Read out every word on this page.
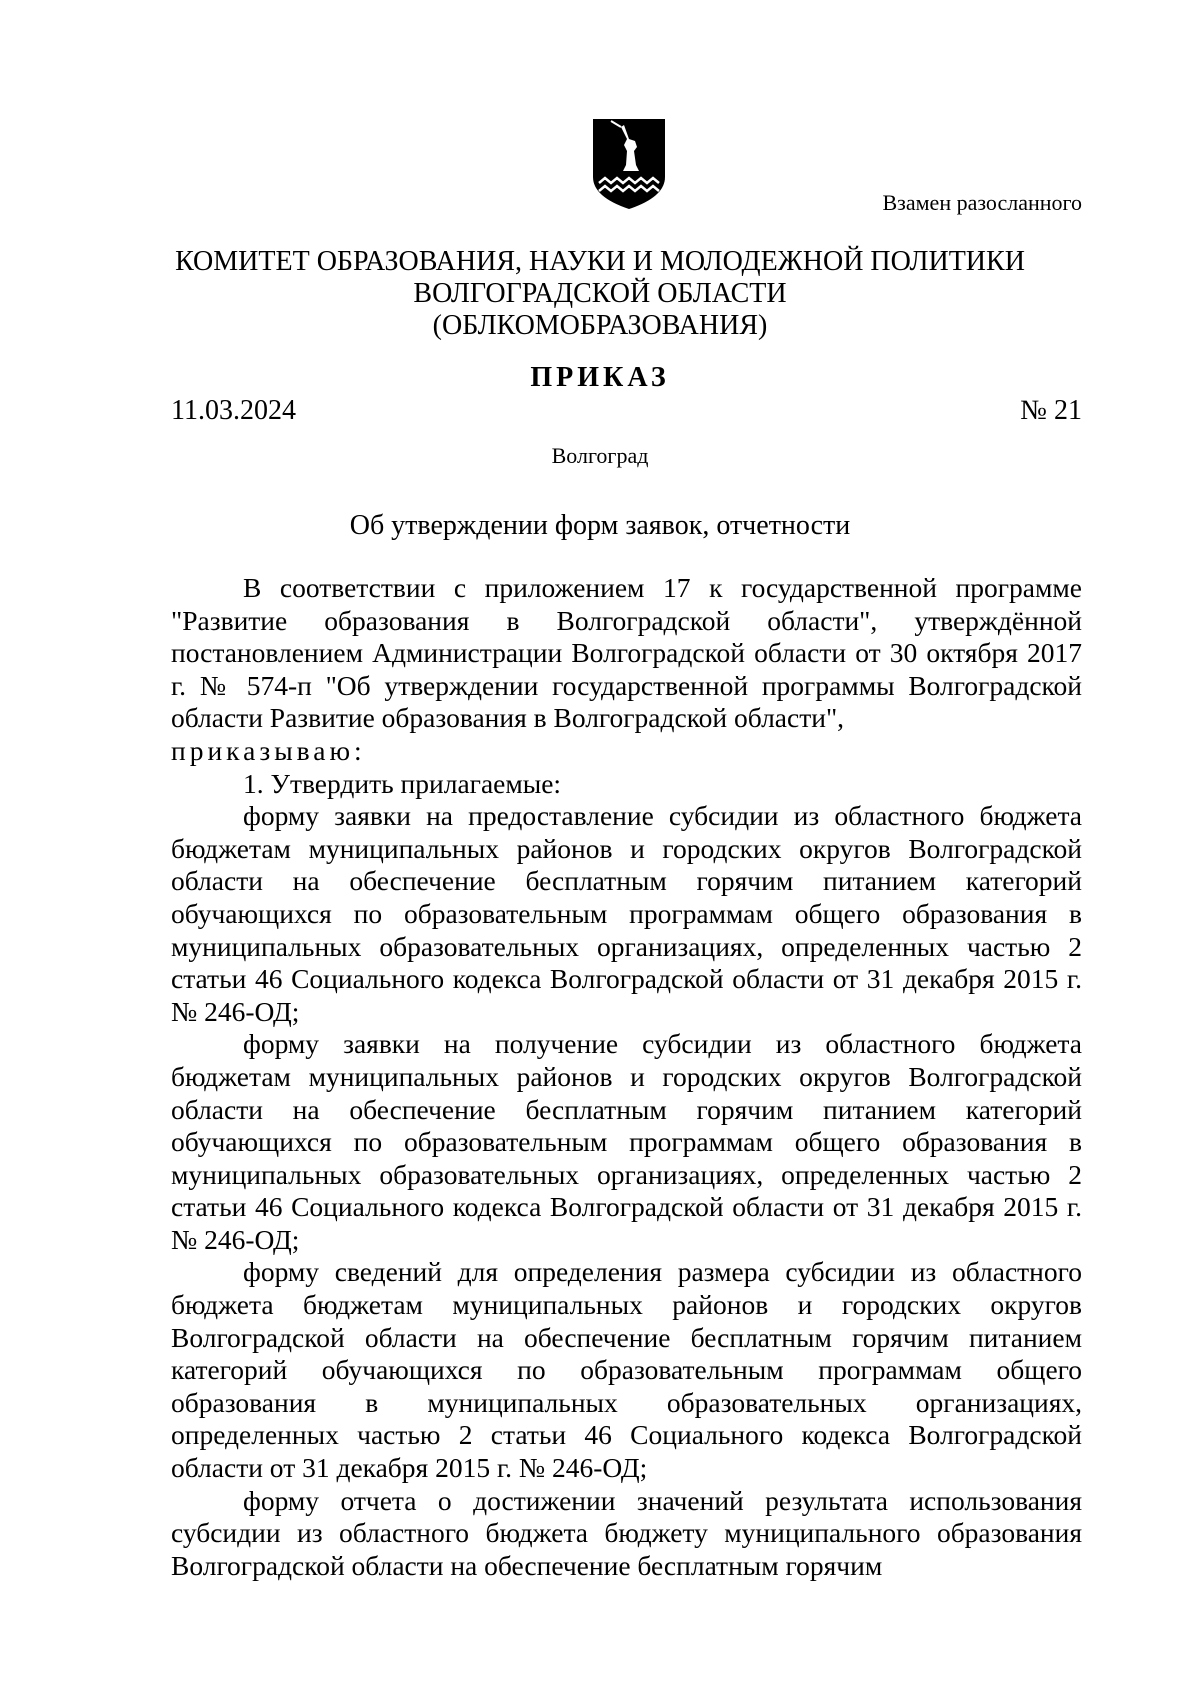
Взамен разосланного
КОМИТЕТ ОБРАЗОВАНИЯ, НАУКИ И МОЛОДЕЖНОЙ ПОЛИТИКИ
ВОЛГОГРАДСКОЙ ОБЛАСТИ
(ОБЛКОМОБРАЗОВАНИЯ)
ПРИКАЗ
11.03.2024	№ 21
Волгоград
Об утверждении форм заявок, отчетности

В соответствии с приложением 17 к государственной программе "Развитие образования в Волгоградской области", утверждённой постановлением Администрации Волгоградской области от 30 октября 2017 г. № 574-п "Об утверждении государственной программы Волгоградской области Развитие образования в Волгоградской области",

приказываю:

1. Утвердить прилагаемые:

форму заявки на предоставление субсидии из областного бюджета бюджетам муниципальных районов и городских округов Волгоградской области на обеспечение бесплатным горячим питанием категорий обучающихся по образовательным программам общего образования в муниципальных образовательных организациях, определенных частью 2 статьи 46 Социального кодекса Волгоградской области от 31 декабря 2015 г. № 246-ОД;

форму заявки на получение субсидии из областного бюджета бюджетам муниципальных районов и городских округов Волгоградской области на обеспечение бесплатным горячим питанием категорий обучающихся по образовательным программам общего образования в муниципальных образовательных организациях, определенных частью 2 статьи 46 Социального кодекса Волгоградской области от 31 декабря 2015 г. № 246-ОД;

форму сведений для определения размера субсидии из областного бюджета бюджетам муниципальных районов и городских округов Волгоградской области на обеспечение бесплатным горячим питанием категорий обучающихся по образовательным программам общего образования в муниципальных образовательных организациях, определенных частью 2 статьи 46 Социального кодекса Волгоградской области от 31 декабря 2015 г. № 246-ОД;

форму отчета о достижении значений результата использования субсидии из областного бюджета бюджету муниципального образования Волгоградской области на обеспечение бесплатным горячим
